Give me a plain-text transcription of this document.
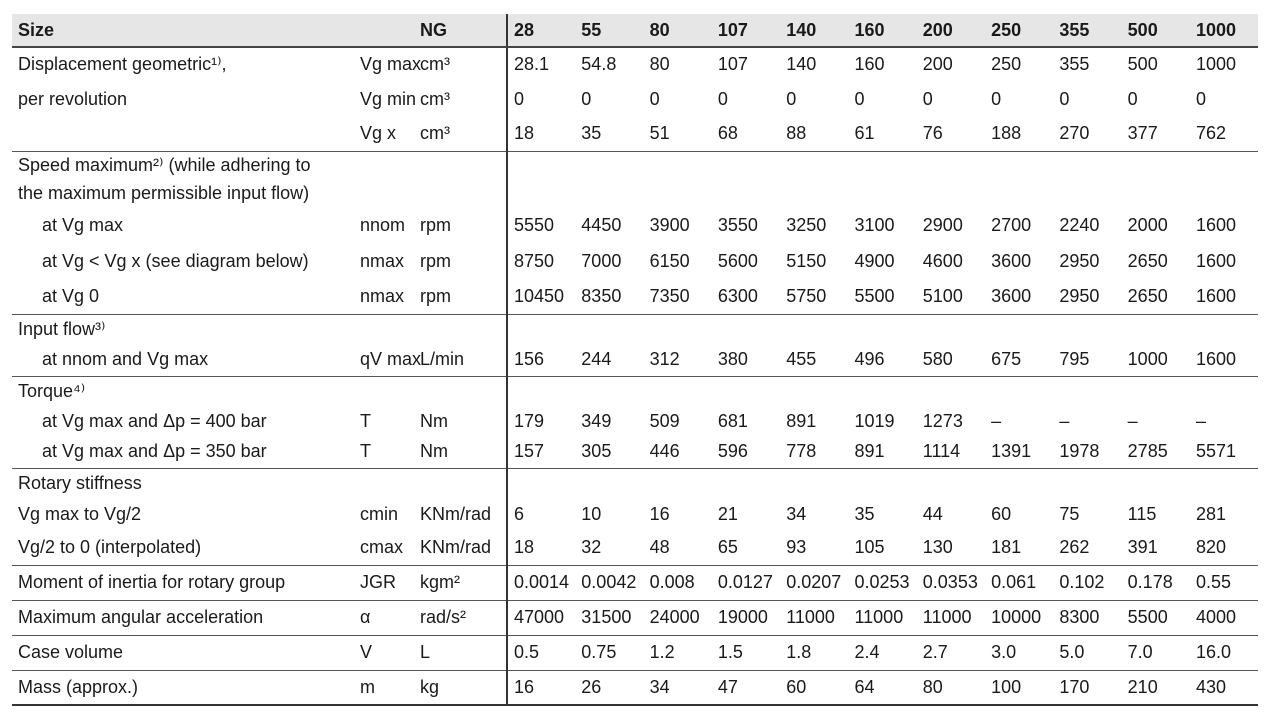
Size		NG	28	55	80	107	140	160	200	250	355	500	1000
Displacement geometric¹⁾,	Vg max	cm³	28.1	54.8	80	107	140	160	200	250	355	500	1000
per revolution	Vg min	cm³	0	0	0	0	0	0	0	0	0	0	0
	Vg x	cm³	18	35	51	68	88	61	76	188	270	377	762
Speed maximum²⁾ (while adhering to													
the maximum permissible input flow)													
at Vg max	nnom	rpm	5550	4450	3900	3550	3250	3100	2900	2700	2240	2000	1600
at Vg < Vg x (see diagram below)	nmax	rpm	8750	7000	6150	5600	5150	4900	4600	3600	2950	2650	1600
at Vg 0	nmax	rpm	10450	8350	7350	6300	5750	5500	5100	3600	2950	2650	1600
Input flow³⁾													
at nnom and Vg max	qV max	L/min	156	244	312	380	455	496	580	675	795	1000	1600
Torque⁴⁾													
at Vg max and Δp = 400 bar	T	Nm	179	349	509	681	891	1019	1273	–	–	–	–
at Vg max and Δp = 350 bar	T	Nm	157	305	446	596	778	891	1114	1391	1978	2785	5571
Rotary stiffness													
Vg max to Vg/2	cmin	KNm/rad	6	10	16	21	34	35	44	60	75	115	281
Vg/2 to 0 (interpolated)	cmax	KNm/rad	18	32	48	65	93	105	130	181	262	391	820
Moment of inertia for rotary group	JGR	kgm²	0.0014	0.0042	0.008	0.0127	0.0207	0.0253	0.0353	0.061	0.102	0.178	0.55
Maximum angular acceleration	α	rad/s²	47000	31500	24000	19000	11000	11000	11000	10000	8300	5500	4000
Case volume	V	L	0.5	0.75	1.2	1.5	1.8	2.4	2.7	3.0	5.0	7.0	16.0
Mass (approx.)	m	kg	16	26	34	47	60	64	80	100	170	210	430
